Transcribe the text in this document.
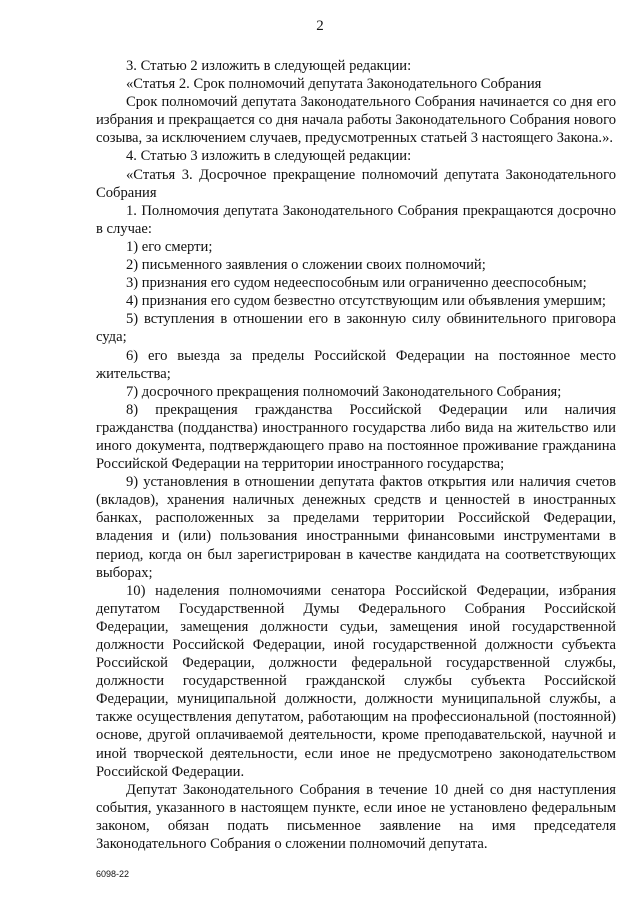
2

3. Статью 2 изложить в следующей редакции:

«Статья 2. Срок полномочий депутата Законодательного Собрания

Срок полномочий депутата Законодательного Собрания начинается со дня его избрания и прекращается со дня начала работы Законодательного Собрания нового созыва, за исключением случаев, предусмотренных статьей 3 настоящего Закона.».

4. Статью 3 изложить в следующей редакции:

«Статья 3. Досрочное прекращение полномочий депутата Законодательного Собрания

1. Полномочия депутата Законодательного Собрания прекращаются досрочно в случае:

1) его смерти;

2) письменного заявления о сложении своих полномочий;

3) признания его судом недееспособным или ограниченно дееспособным;

4) признания его судом безвестно отсутствующим или объявления умершим;

5) вступления в отношении его в законную силу обвинительного приговора суда;

6) его выезда за пределы Российской Федерации на постоянное место жительства;

7) досрочного прекращения полномочий Законодательного Собрания;

8) прекращения гражданства Российской Федерации или наличия гражданства (подданства) иностранного государства либо вида на жительство или иного документа, подтверждающего право на постоянное проживание гражданина Российской Федерации на территории иностранного государства;

9) установления в отношении депутата фактов открытия или наличия счетов (вкладов), хранения наличных денежных средств и ценностей в иностранных банках, расположенных за пределами территории Российской Федерации, владения и (или) пользования иностранными финансовыми инструментами в период, когда он был зарегистрирован в качестве кандидата на соответствующих выборах;

10) наделения полномочиями сенатора Российской Федерации, избрания депутатом Государственной Думы Федерального Собрания Российской Федерации, замещения должности судьи, замещения иной государственной должности Российской Федерации, иной государственной должности субъекта Российской Федерации, должности федеральной государственной службы, должности государственной гражданской службы субъекта Российской Федерации, муниципальной должности, должности муниципальной службы, а также осуществления депутатом, работающим на профессиональной (постоянной) основе, другой оплачиваемой деятельности, кроме преподавательской, научной и иной творческой деятельности, если иное не предусмотрено законодательством Российской Федерации.

Депутат Законодательного Собрания в течение 10 дней со дня наступления события, указанного в настоящем пункте, если иное не установлено федеральным законом, обязан подать письменное заявление на имя председателя Законодательного Собрания о сложении полномочий депутата.

6098-22
